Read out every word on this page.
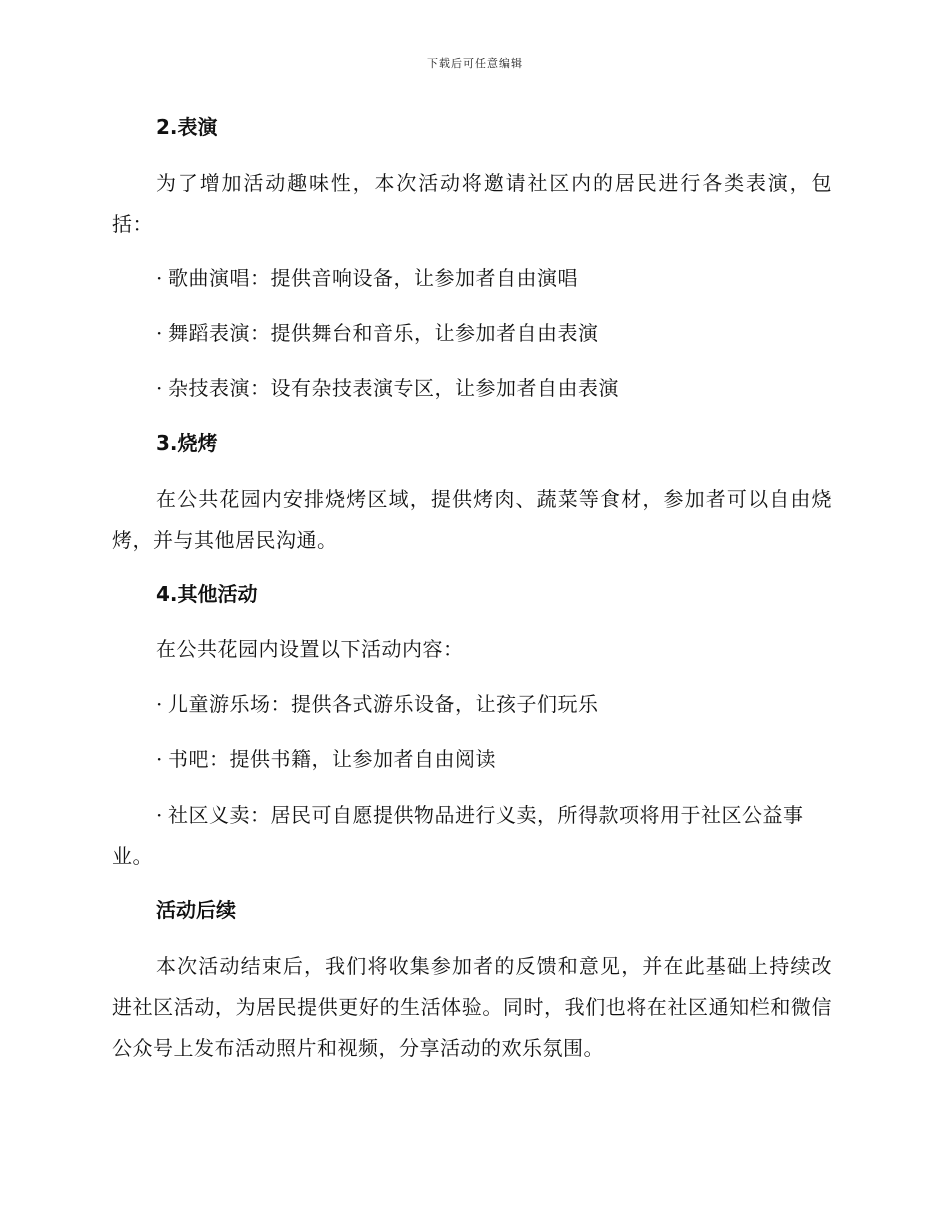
下载后可任意编辑
2.表演
为了增加活动趣味性，本次活动将邀请社区内的居民进行各类表演，包括：
· 歌曲演唱：提供音响设备，让参加者自由演唱
· 舞蹈表演：提供舞台和音乐，让参加者自由表演
· 杂技表演：设有杂技表演专区，让参加者自由表演
3.烧烤
在公共花园内安排烧烤区域，提供烤肉、蔬菜等食材，参加者可以自由烧烤，并与其他居民沟通。
4.其他活动
在公共花园内设置以下活动内容：
· 儿童游乐场：提供各式游乐设备，让孩子们玩乐
· 书吧：提供书籍，让参加者自由阅读
· 社区义卖：居民可自愿提供物品进行义卖，所得款项将用于社区公益事业。
活动后续
本次活动结束后，我们将收集参加者的反馈和意见，并在此基础上持续改进社区活动，为居民提供更好的生活体验。同时，我们也将在社区通知栏和微信公众号上发布活动照片和视频，分享活动的欢乐氛围。
